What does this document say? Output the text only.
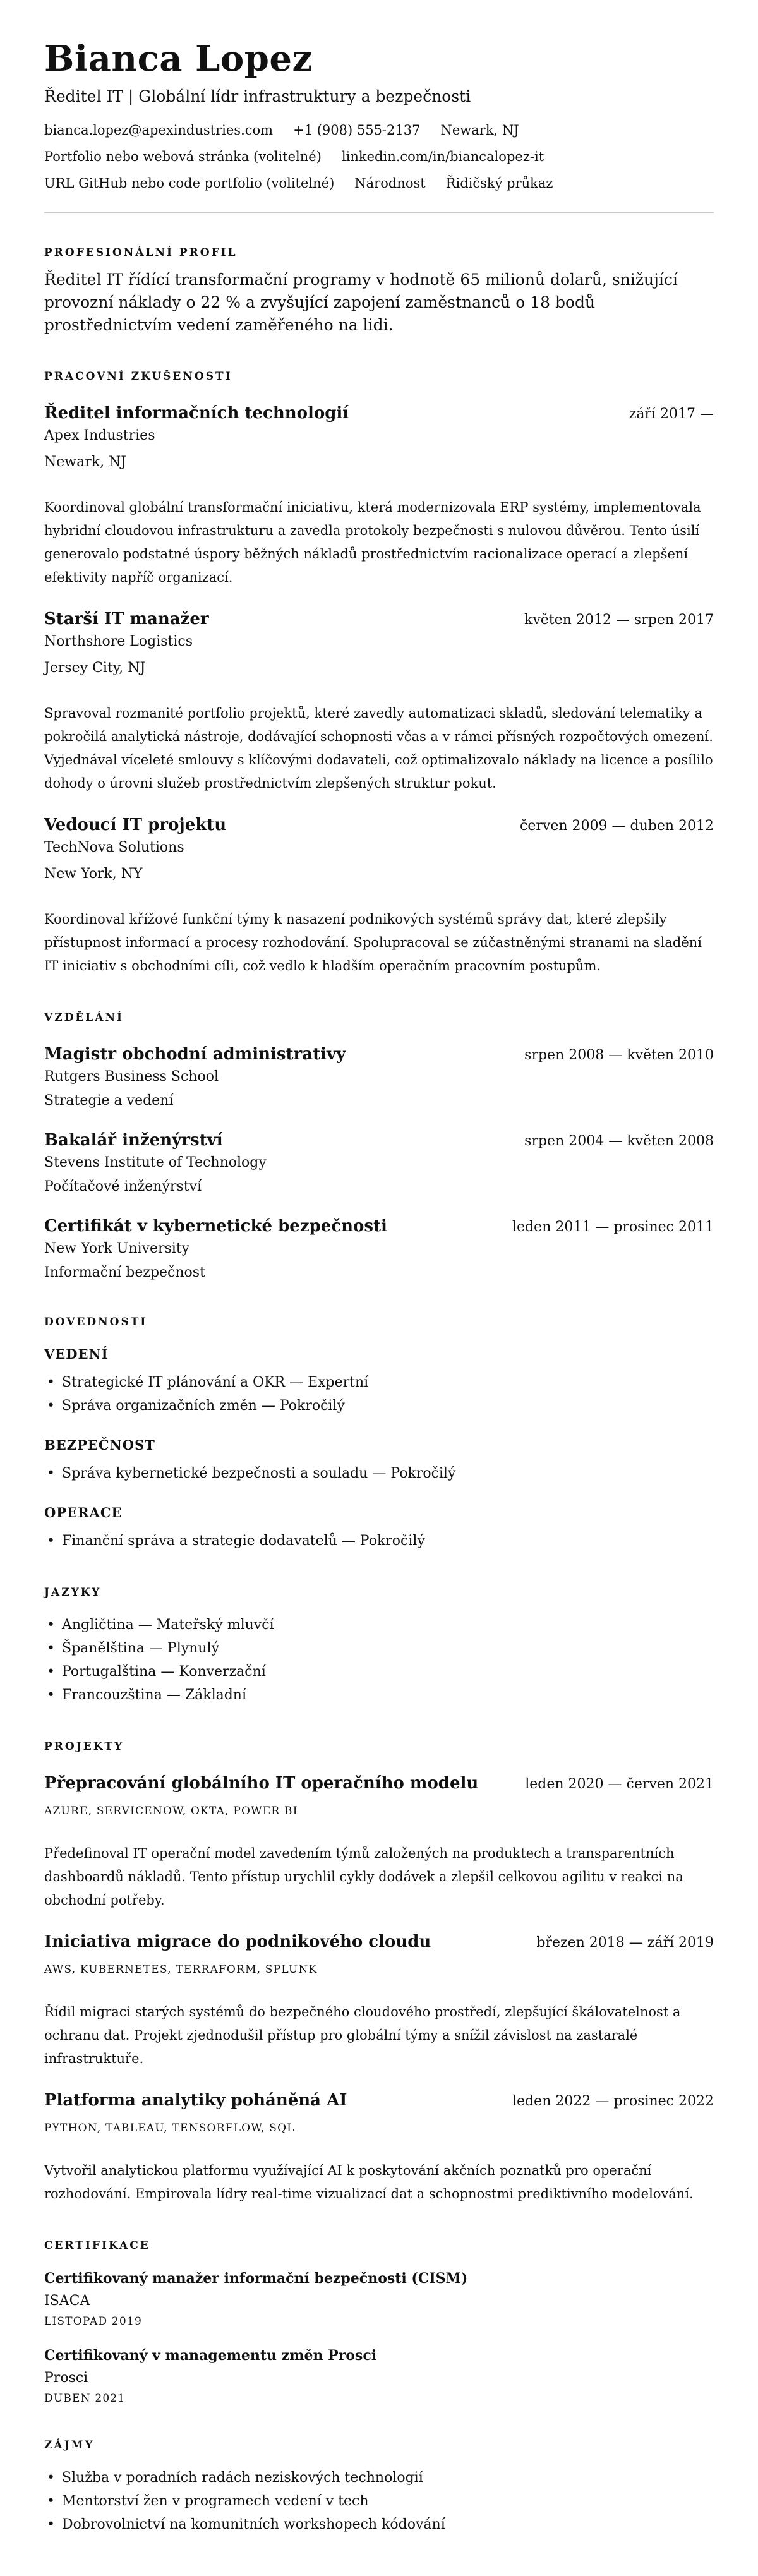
Bianca Lopez
Ředitel IT | Globální lídr infrastruktury a bezpečnosti
bianca.lopez@apexindustries.com +1 (908) 555-2137 Newark, NJ
Portfolio nebo webová stránka (volitelné) linkedin.com/in/biancalopez-it
URL GitHub nebo code portfolio (volitelné) Národnost Řidičský průkaz
PROFESIONÁLNÍ PROFIL

Ředitel IT řídící transformační programy v hodnotě 65 milionů dolarů, snižující provozní náklady o 22 % a zvyšující zapojení zaměstnanců o 18 bodů prostřednictvím vedení zaměřeného na lidi.

PRACOVNÍ ZKUŠENOSTI
Ředitel informačních technologií	září 2017 —
Apex Industries
Newark, NJ

Koordinoval globální transformační iniciativu, která modernizovala ERP systémy, implementovala hybridní cloudovou infrastrukturu a zavedla protokoly bezpečnosti s nulovou důvěrou. Tento úsilí generovalo podstatné úspory běžných nákladů prostřednictvím racionalizace operací a zlepšení efektivity napříč organizací.

Starší IT manažer	květen 2012 — srpen 2017
Northshore Logistics
Jersey City, NJ

Spravoval rozmanité portfolio projektů, které zavedly automatizaci skladů, sledování telematiky a pokročilá analytická nástroje, dodávající schopnosti včas a v rámci přísných rozpočtových omezení. Vyjednával víceleté smlouvy s klíčovými dodavateli, což optimalizovalo náklady na licence a posílilo dohody o úrovni služeb prostřednictvím zlepšených struktur pokut.

Vedoucí IT projektu	červen 2009 — duben 2012
TechNova Solutions
New York, NY

Koordinoval křížové funkční týmy k nasazení podnikových systémů správy dat, které zlepšily přístupnost informací a procesy rozhodování. Spolupracoval se zúčastněnými stranami na sladění IT iniciativ s obchodními cíli, což vedlo k hladším operačním pracovním postupům.

VZDĚLÁNÍ
Magistr obchodní administrativy	srpen 2008 — květen 2010
Rutgers Business School
Strategie a vedení
Bakalář inženýrství	srpen 2004 — květen 2008
Stevens Institute of Technology
Počítačové inženýrství
Certifikát v kybernetické bezpečnosti	leden 2011 — prosinec 2011
New York University
Informační bezpečnost
DOVEDNOSTI
VEDENÍ
• Strategické IT plánování a OKR — Expertní
• Správa organizačních změn — Pokročilý
BEZPEČNOST
• Správa kybernetické bezpečnosti a souladu — Pokročilý
OPERACE
• Finanční správa a strategie dodavatelů — Pokročilý
JAZYKY
• Angličtina — Mateřský mluvčí
• Španělština — Plynulý
• Portugalština — Konverzační
• Francouzština — Základní
PROJEKTY
Přepracování globálního IT operačního modelu	leden 2020 — červen 2021
AZURE, SERVICENOW, OKTA, POWER BI

Předefinoval IT operační model zavedením týmů založených na produktech a transparentních dashboardů nákladů. Tento přístup urychlil cykly dodávek a zlepšil celkovou agilitu v reakci na obchodní potřeby.

Iniciativa migrace do podnikového cloudu	březen 2018 — září 2019
AWS, KUBERNETES, TERRAFORM, SPLUNK

Řídil migraci starých systémů do bezpečného cloudového prostředí, zlepšující škálovatelnost a ochranu dat. Projekt zjednodušil přístup pro globální týmy a snížil závislost na zastaralé infrastruktuře.

Platforma analytiky poháněná AI	leden 2022 — prosinec 2022
PYTHON, TABLEAU, TENSORFLOW, SQL

Vytvořil analytickou platformu využívající AI k poskytování akčních poznatků pro operační rozhodování. Empirovala lídry real-time vizualizací dat a schopnostmi prediktivního modelování.

CERTIFIKACE
Certifikovaný manažer informační bezpečnosti (CISM)
ISACA
LISTOPAD 2019
Certifikovaný v managementu změn Prosci
Prosci
DUBEN 2021
ZÁJMY
• Služba v poradních radách neziskových technologií
• Mentorství žen v programech vedení v tech
• Dobrovolnictví na komunitních workshopech kódování
